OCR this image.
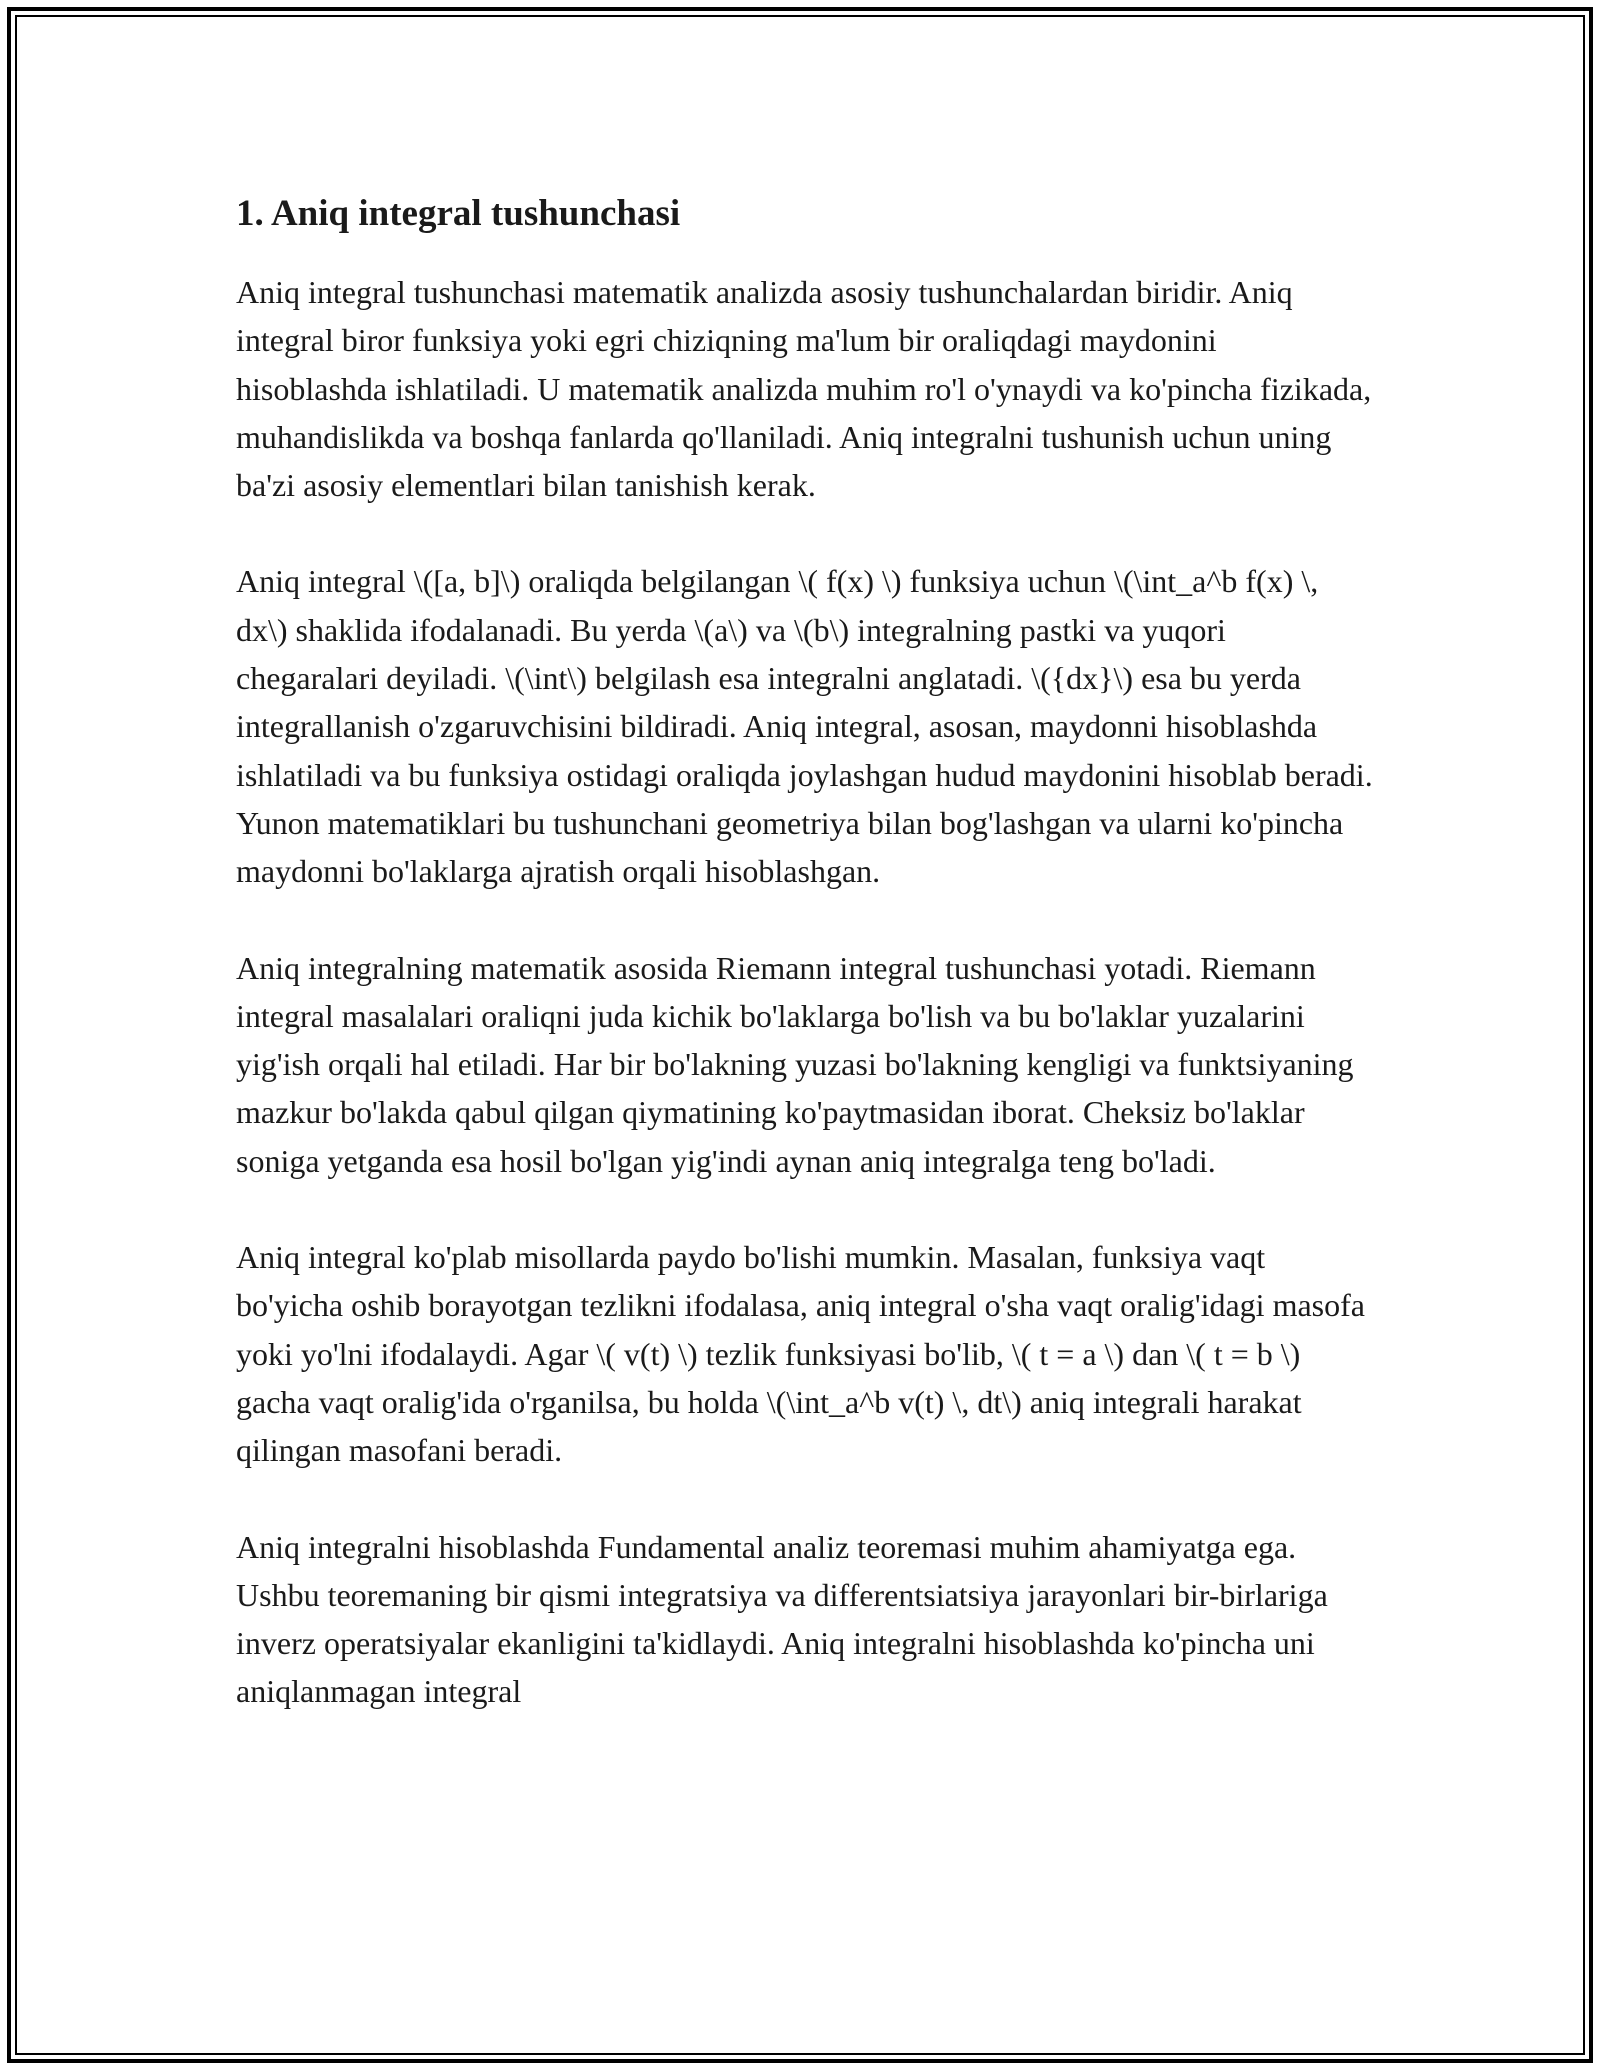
1. Aniq integral tushunchasi

Aniq integral tushunchasi matematik analizda asosiy tushunchalardan biridir. Aniq integral biror funksiya yoki egri chiziqning ma'lum bir oraliqdagi maydonini hisoblashda ishlatiladi. U matematik analizda muhim ro'l o'ynaydi va ko'pincha fizikada, muhandislikda va boshqa fanlarda qo'llaniladi. Aniq integralni tushunish uchun uning ba'zi asosiy elementlari bilan tanishish kerak.

Aniq integral \([a, b]\) oraliqda belgilangan \( f(x) \) funksiya uchun \(\int_a^b f(x) \, dx\) shaklida ifodalanadi. Bu yerda \(a\) va \(b\) integralning pastki va yuqori chegaralari deyiladi. \(\int\) belgilash esa integralni anglatadi. \({dx}\) esa bu yerda integrallanish o'zgaruvchisini bildiradi. Aniq integral, asosan, maydonni hisoblashda ishlatiladi va bu funksiya ostidagi oraliqda joylashgan hudud maydonini hisoblab beradi. Yunon matematiklari bu tushunchani geometriya bilan bog'lashgan va ularni ko'pincha maydonni bo'laklarga ajratish orqali hisoblashgan.

Aniq integralning matematik asosida Riemann integral tushunchasi yotadi. Riemann integral masalalari oraliqni juda kichik bo'laklarga bo'lish va bu bo'laklar yuzalarini yig'ish orqali hal etiladi. Har bir bo'lakning yuzasi bo'lakning kengligi va funktsiyaning mazkur bo'lakda qabul qilgan qiymatining ko'paytmasidan iborat. Cheksiz bo'laklar soniga yetganda esa hosil bo'lgan yig'indi aynan aniq integralga teng bo'ladi.

Aniq integral ko'plab misollarda paydo bo'lishi mumkin. Masalan, funksiya vaqt bo'yicha oshib borayotgan tezlikni ifodalasa, aniq integral o'sha vaqt oralig'idagi masofa yoki yo'lni ifodalaydi. Agar \( v(t) \) tezlik funksiyasi bo'lib, \( t = a \) dan \( t = b \) gacha vaqt oralig'ida o'rganilsa, bu holda \(\int_a^b v(t) \, dt\) aniq integrali harakat qilingan masofani beradi.

Aniq integralni hisoblashda Fundamental analiz teoremasi muhim ahamiyatga ega. Ushbu teoremaning bir qismi integratsiya va differentsiatsiya jarayonlari bir-birlariga inverz operatsiyalar ekanligini ta'kidlaydi. Aniq integralni hisoblashda ko'pincha uni aniqlanmagan integral
